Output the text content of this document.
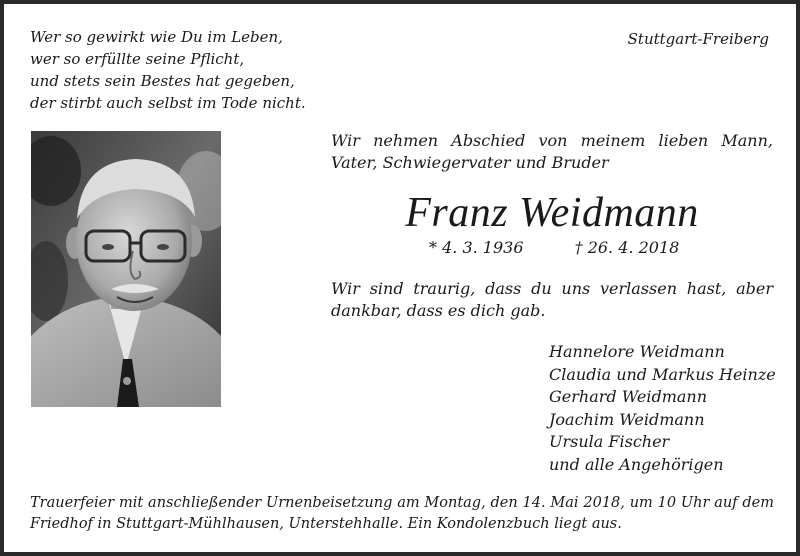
Wer so gewirkt wie Du im Leben,
wer so erfüllte seine Pflicht,
und stets sein Bestes hat gegeben,
der stirbt auch selbst im Tode nicht.
Stuttgart-Freiberg
Wir nehmen Abschied von meinem lieben Mann, Vater, Schwiegervater und Bruder
Franz Weidmann
* 4. 3. 1936	† 26. 4. 2018
Wir sind traurig, dass du uns verlassen hast, aber dankbar, dass es dich gab.
Hannelore Weidmann
Claudia und Markus Heinze
Gerhard Weidmann
Joachim Weidmann
Ursula Fischer
und alle Angehörigen
Trauerfeier mit anschließender Urnenbeisetzung am Montag, den 14. Mai 2018, um 10 Uhr auf dem Friedhof in Stuttgart-Mühlhausen, Unterstehhalle. Ein Kondolenzbuch liegt aus.
